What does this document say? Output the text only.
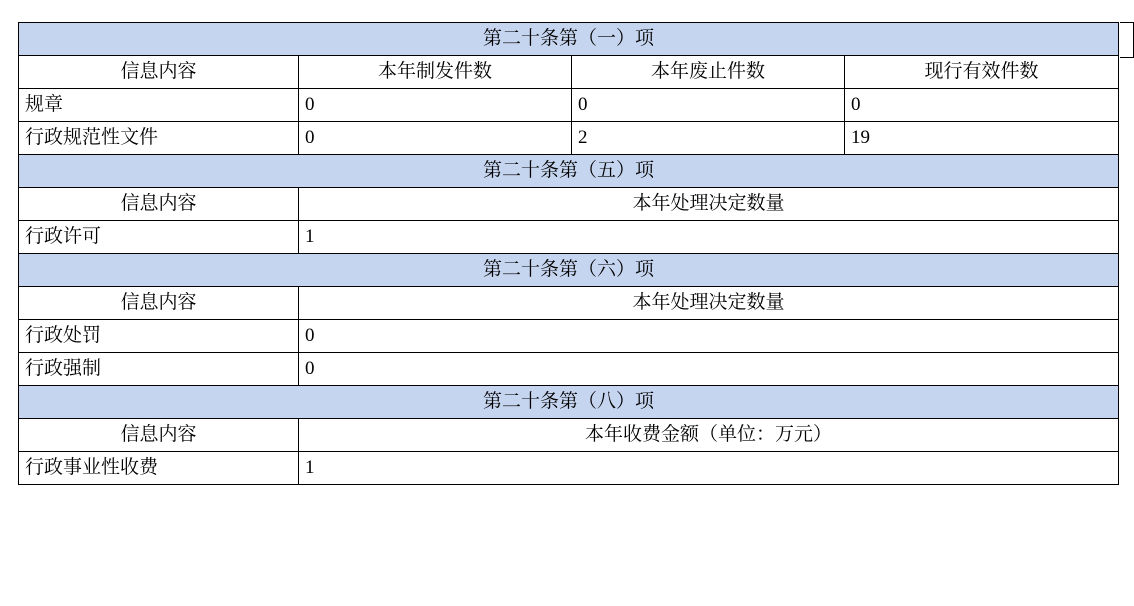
第二十条第（一）项			
信息内容	本年制发件数	本年废止件数	现行有效件数
规章	0	0	0
行政规范性文件	0	2	19
第二十条第（五）项			
信息内容	本年处理决定数量		
行政许可	1		
第二十条第（六）项			
信息内容	本年处理决定数量		
行政处罚	0		
行政强制	0		
第二十条第（八）项			
信息内容	本年收费金额（单位：万元）		
行政事业性收费	1		
